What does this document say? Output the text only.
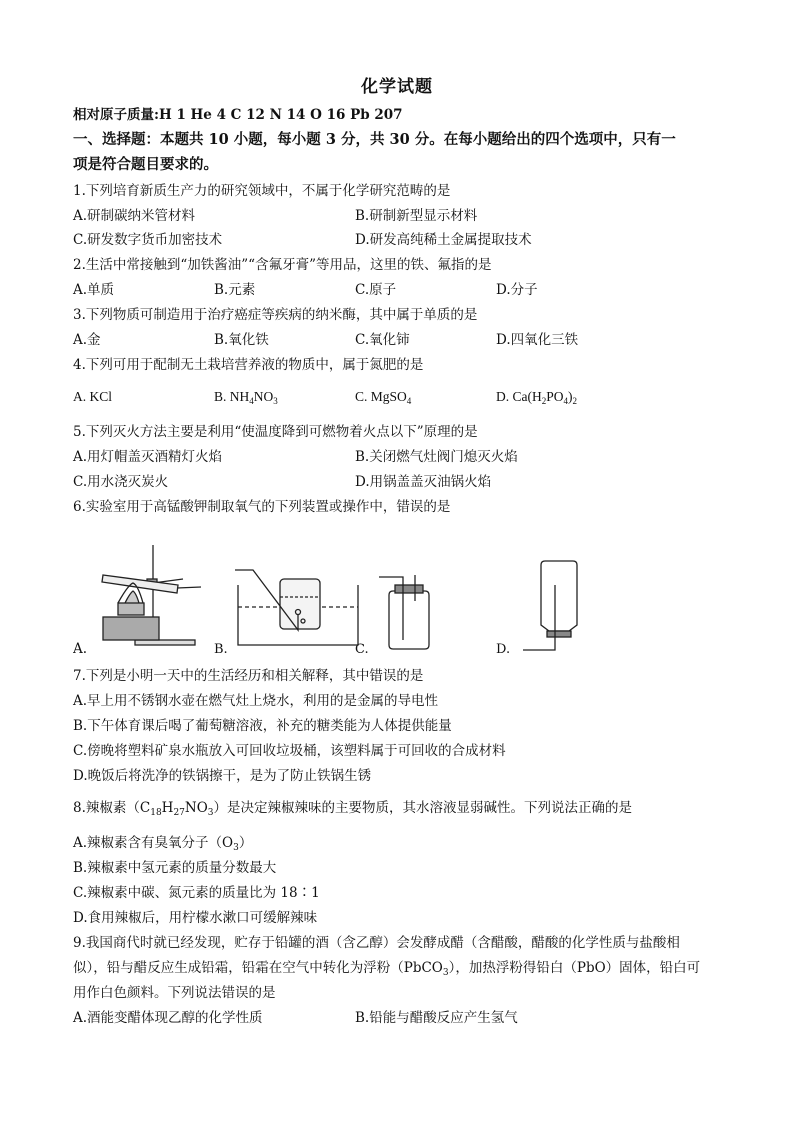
化学试题
相对原子质量:H 1 He 4 C 12 N 14 O 16 Pb 207
一、选择题：本题共 10 小题，每小题 3 分，共 30 分。在每小题给出的四个选项中，只有一
项是符合题目要求的。
1.下列培育新质生产力的研究领域中，不属于化学研究范畴的是
A.研制碳纳米管材料	B.研制新型显示材料
C.研发数字货币加密技术	D.研发高纯稀土金属提取技术
2.生活中常接触到“加铁酱油”“含氟牙膏”等用品，这里的铁、氟指的是
A.单质	B.元素	C.原子	D.分子
3.下列物质可制造用于治疗癌症等疾病的纳米酶，其中属于单质的是
A.金	B.氧化铁	C.氧化铈	D.四氧化三铁
4.下列可用于配制无土栽培营养液的物质中，属于氮肥的是
A. KCl	B. $NH_4NO_3$	C. MgSO$_4$	D. $Ca(H_2PO_4)_2$
5.下列灭火方法主要是利用“使温度降到可燃物着火点以下”原理的是
A.用灯帽盖灭酒精灯火焰	B.关闭燃气灶阀门熄灭火焰
C.用水浇灭炭火	D.用锅盖盖灭油锅火焰
6.实验室用于高锰酸钾制取氧气的下列装置或操作中，错误的是
A.	B.	C.	D.
7.下列是小明一天中的生活经历和相关解释，其中错误的是
A.早上用不锈钢水壶在燃气灶上烧水，利用的是金属的导电性
B.下午体育课后喝了葡萄糖溶液，补充的糖类能为人体提供能量
C.傍晚将塑料矿泉水瓶放入可回收垃圾桶，该塑料属于可回收的合成材料
D.晚饭后将洗净的铁锅擦干，是为了防止铁锅生锈
8.辣椒素$(C_{18}H_{27}NO_3)$是决定辣椒辣味的主要物质，其水溶液显弱碱性。下列说法正确的是
A.辣椒素含有臭氧分子$(O_3)$
B.辣椒素中氢元素的质量分数最大
C.辣椒素中碳、氮元素的质量比为 18∶1
D.食用辣椒后，用柠檬水漱口可缓解辣味
9.我国商代时就已经发现，贮存于铅罐的酒（含乙醇）会发酵成醋（含醋酸，醋酸的化学性质与盐酸相
似），铅与醋反应生成铅霜，铅霜在空气中转化为浮粉（PbCO$_3$），加热浮粉得铅白（PbO）固体，铅白可
用作白色颜料。下列说法错误的是
A.酒能变醋体现乙醇的化学性质	B.铅能与醋酸反应产生氢气
